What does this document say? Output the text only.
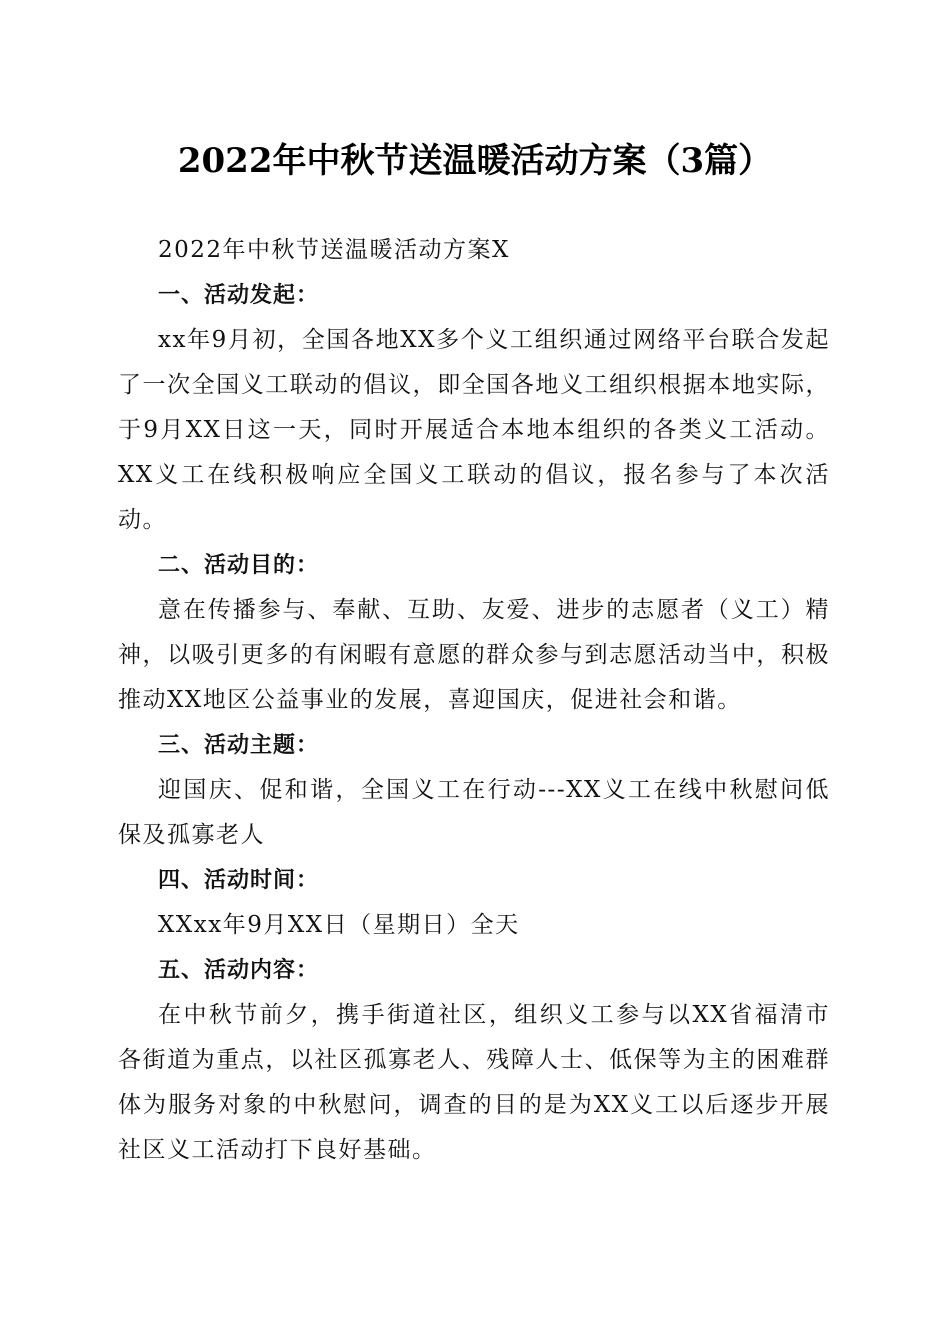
2022年中秋节送温暖活动方案（3篇）

2022年中秋节送温暖活动方案X

一、活动发起：

xx年9月初，全国各地XX多个义工组织通过网络平台联合发起了一次全国义工联动的倡议，即全国各地义工组织根据本地实际，于9月XX日这一天，同时开展适合本地本组织的各类义工活动。XX义工在线积极响应全国义工联动的倡议，报名参与了本次活动。

二、活动目的：

意在传播参与、奉献、互助、友爱、进步的志愿者（义工）精神，以吸引更多的有闲暇有意愿的群众参与到志愿活动当中，积极推动XX地区公益事业的发展，喜迎国庆，促进社会和谐。

三、活动主题：

迎国庆、促和谐，全国义工在行动---XX义工在线中秋慰问低保及孤寡老人

四、活动时间：

XXxx年9月XX日（星期日）全天

五、活动内容：

在中秋节前夕，携手街道社区，组织义工参与以XX省福清市各街道为重点，以社区孤寡老人、残障人士、低保等为主的困难群体为服务对象的中秋慰问，调查的目的是为XX义工以后逐步开展社区义工活动打下良好基础。
